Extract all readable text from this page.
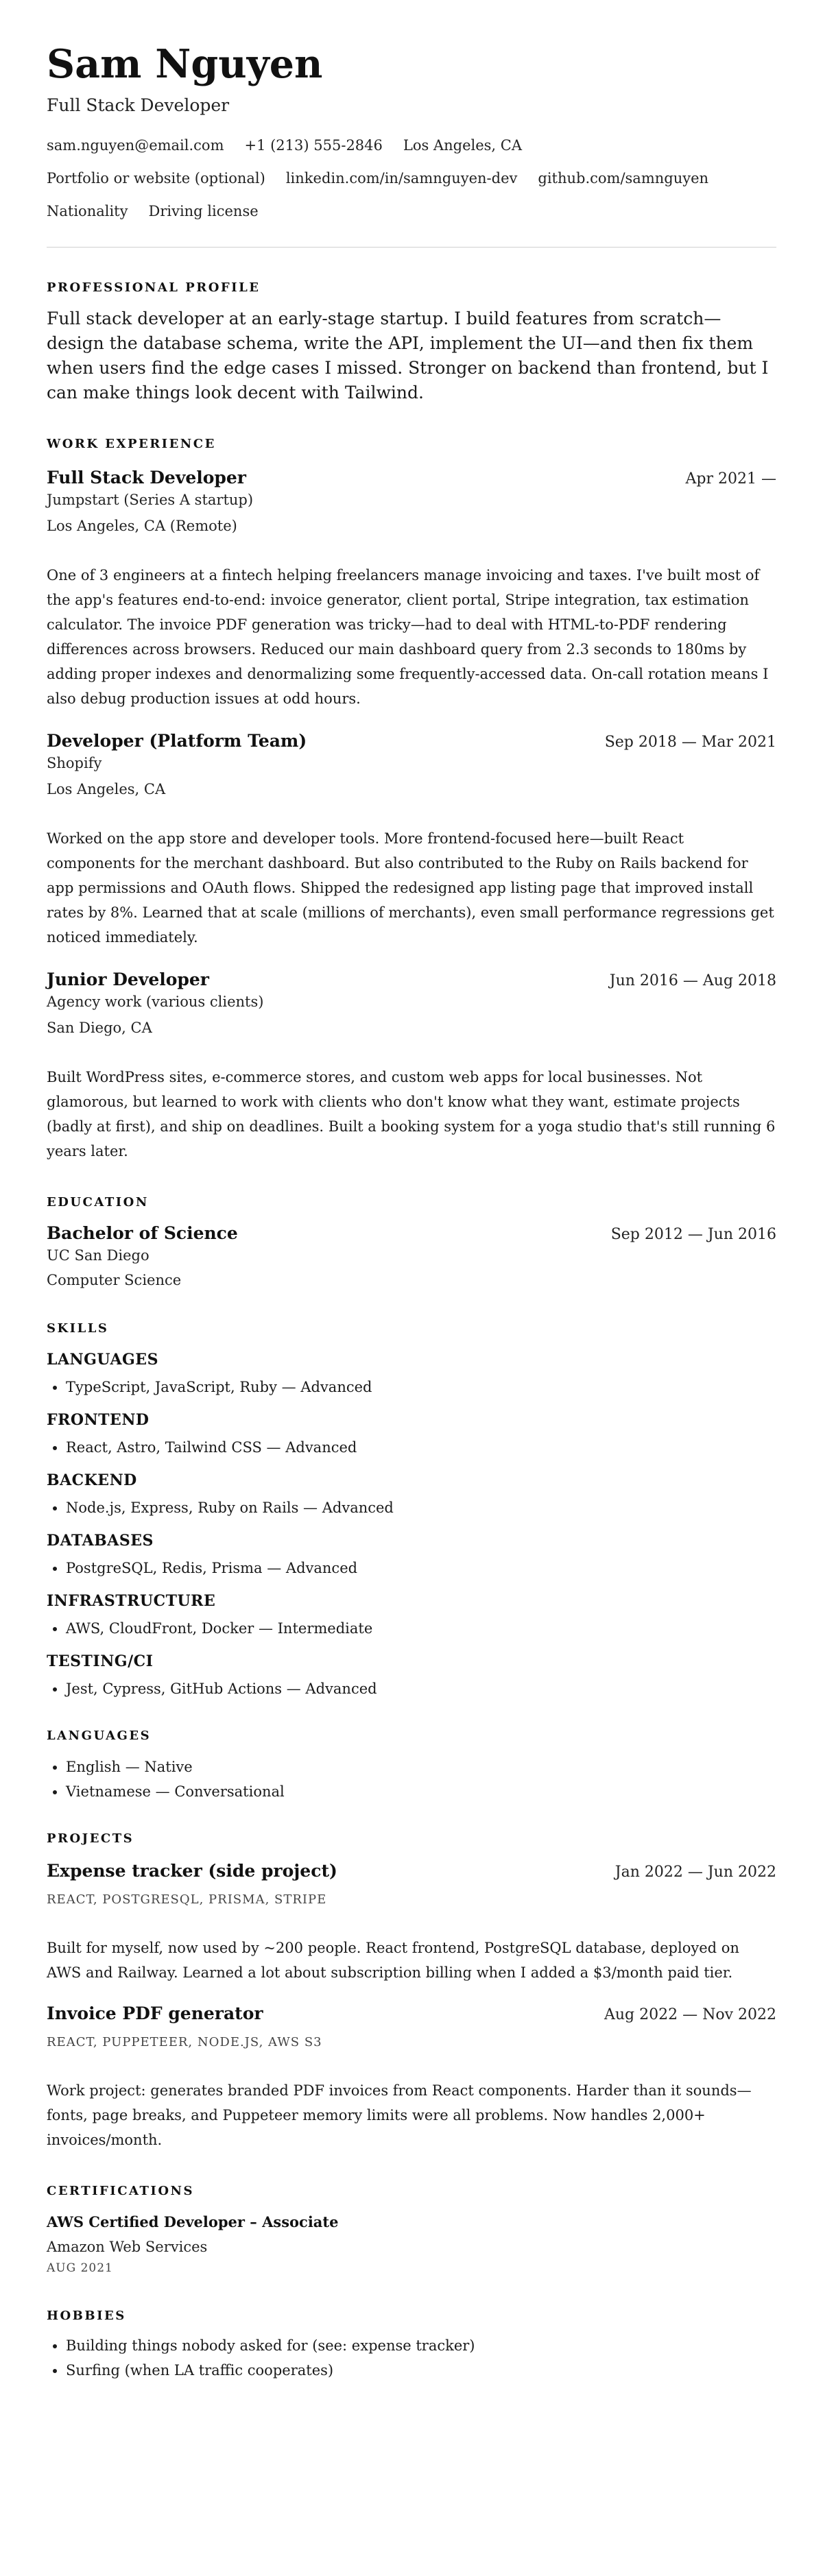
Sam Nguyen
Full Stack Developer
sam.nguyen@email.com +1 (213) 555-2846 Los Angeles, CA
Portfolio or website (optional) linkedin.com/in/samnguyen-dev github.com/samnguyen
Nationality Driving license
PROFESSIONAL PROFILE
Full stack developer at an early-stage startup. I build features from scratch—design the database schema, write the API, implement the UI—and then fix them when users find the edge cases I missed. Stronger on backend than frontend, but I can make things look decent with Tailwind.
WORK EXPERIENCE
Full Stack Developer	Apr 2021 —
Jumpstart (Series A startup)
Los Angeles, CA (Remote)
One of 3 engineers at a fintech helping freelancers manage invoicing and taxes. I've built most of the app's features end-to-end: invoice generator, client portal, Stripe integration, tax estimation calculator. The invoice PDF generation was tricky—had to deal with HTML-to-PDF rendering differences across browsers. Reduced our main dashboard query from 2.3 seconds to 180ms by adding proper indexes and denormalizing some frequently-accessed data. On-call rotation means I also debug production issues at odd hours.
Developer (Platform Team)	Sep 2018 — Mar 2021
Shopify
Los Angeles, CA
Worked on the app store and developer tools. More frontend-focused here—built React components for the merchant dashboard. But also contributed to the Ruby on Rails backend for app permissions and OAuth flows. Shipped the redesigned app listing page that improved install rates by 8%. Learned that at scale (millions of merchants), even small performance regressions get noticed immediately.
Junior Developer	Jun 2016 — Aug 2018
Agency work (various clients)
San Diego, CA
Built WordPress sites, e-commerce stores, and custom web apps for local businesses. Not glamorous, but learned to work with clients who don't know what they want, estimate projects (badly at first), and ship on deadlines. Built a booking system for a yoga studio that's still running 6 years later.
EDUCATION
Bachelor of Science	Sep 2012 — Jun 2016
UC San Diego
Computer Science
SKILLS
LANGUAGES
• TypeScript, JavaScript, Ruby — Advanced
FRONTEND
• React, Astro, Tailwind CSS — Advanced
BACKEND
• Node.js, Express, Ruby on Rails — Advanced
DATABASES
• PostgreSQL, Redis, Prisma — Advanced
INFRASTRUCTURE
• AWS, CloudFront, Docker — Intermediate
TESTING/CI
• Jest, Cypress, GitHub Actions — Advanced
LANGUAGES
• English — Native
• Vietnamese — Conversational
PROJECTS
Expense tracker (side project)	Jan 2022 — Jun 2022
REACT, POSTGRESQL, PRISMA, STRIPE
Built for myself, now used by ~200 people. React frontend, PostgreSQL database, deployed on AWS and Railway. Learned a lot about subscription billing when I added a $3/month paid tier.
Invoice PDF generator	Aug 2022 — Nov 2022
REACT, PUPPETEER, NODE.JS, AWS S3
Work project: generates branded PDF invoices from React components. Harder than it sounds—fonts, page breaks, and Puppeteer memory limits were all problems. Now handles 2,000+ invoices/month.
CERTIFICATIONS
AWS Certified Developer – Associate
Amazon Web Services
AUG 2021
HOBBIES
• Building things nobody asked for (see: expense tracker)
• Surfing (when LA traffic cooperates)
